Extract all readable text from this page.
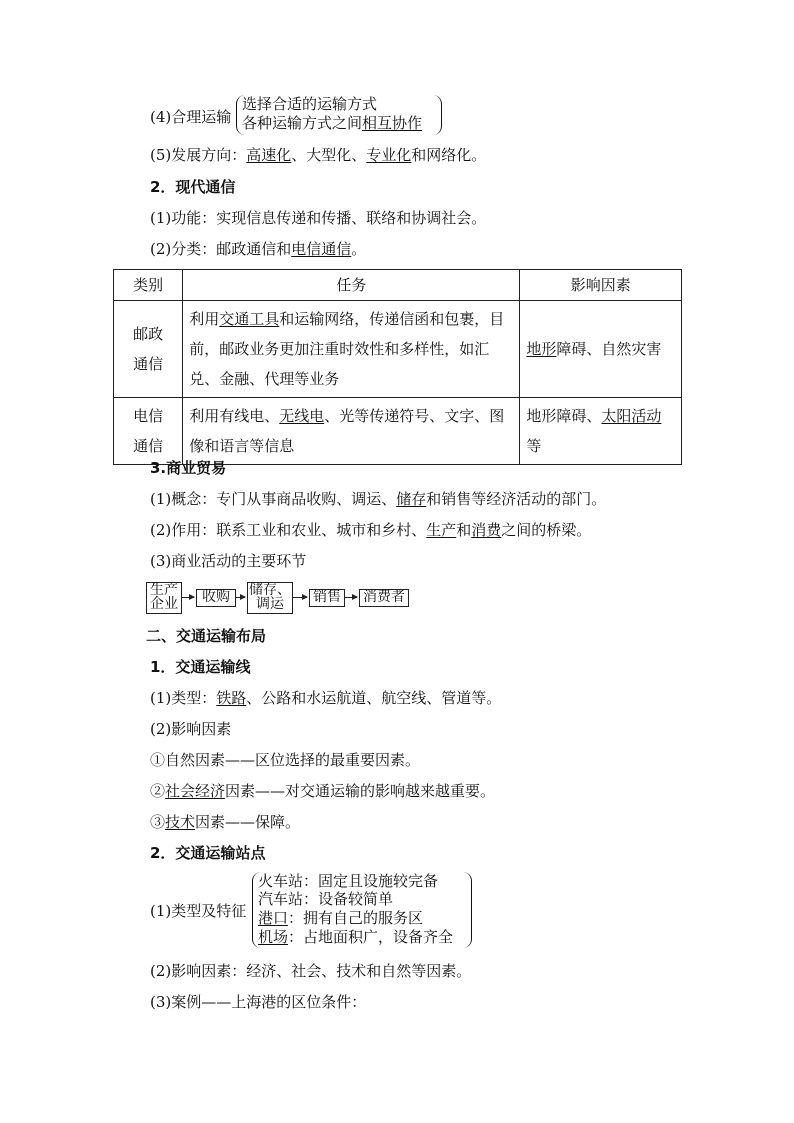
(4)合理运输
选择合适的运输方式
各种运输方式之间相互协作
(5)发展方向：高速化、大型化、专业化和网络化。
2．现代通信
(1)功能：实现信息传递和传播、联络和协调社会。
(2)分类：邮政通信和电信通信。
类别	任务	影响因素
邮政
通信	利用交通工具和运输网络，传递信函和包裹，目前，邮政业务更加注重时效性和多样性，如汇兑、金融、代理等业务	地形障碍、自然灾害
电信
通信	利用有线电、无线电、光等传递符号、文字、图像和语言等信息	地形障碍、太阳活动等
3.商业贸易
(1)概念：专门从事商品收购、调运、储存和销售等经济活动的部门。
(2)作用：联系工业和农业、城市和乡村、生产和消费之间的桥梁。
(3)商业活动的主要环节
生产
企业	收购	储存、
调运	销售 消费者
二、交通运输布局
1．交通运输线
(1)类型：铁路、公路和水运航道、航空线、管道等。
(2)影响因素
①自然因素——区位选择的最重要因素。
②社会经济因素——对交通运输的影响越来越重要。
③技术因素——保障。
2．交通运输站点
(1)类型及特征
火车站：固定且设施较完备
汽车站：设备较简单
港口：拥有自己的服务区
机场：占地面积广，设备齐全
(2)影响因素：经济、社会、技术和自然等因素。
(3)案例——上海港的区位条件：
